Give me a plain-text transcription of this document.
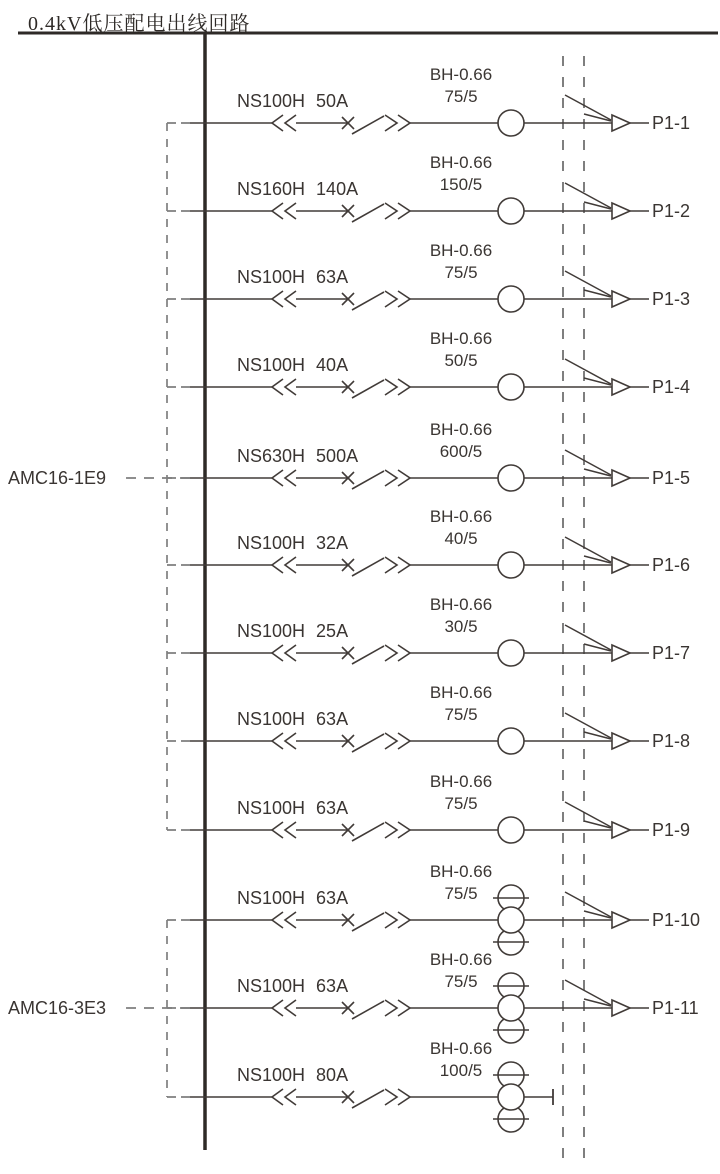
0.4kV低压配电出线回路
AMC16-1E9
AMC16-3E3
NS100H 50A
BH-0.66
75/5
P1-1
NS160H 140A
BH-0.66
150/5
P1-2
NS100H 63A
BH-0.66
75/5
P1-3
NS100H 40A
BH-0.66
50/5
P1-4
NS630H 500A
BH-0.66
600/5
P1-5
NS100H 32A
BH-0.66
40/5
P1-6
NS100H 25A
BH-0.66
30/5
P1-7
NS100H 63A
BH-0.66
75/5
P1-8
NS100H 63A
BH-0.66
75/5
P1-9
NS100H 63A
BH-0.66
75/5
P1-10
NS100H 63A
BH-0.66
75/5
P1-11
NS100H 80A
BH-0.66
100/5
